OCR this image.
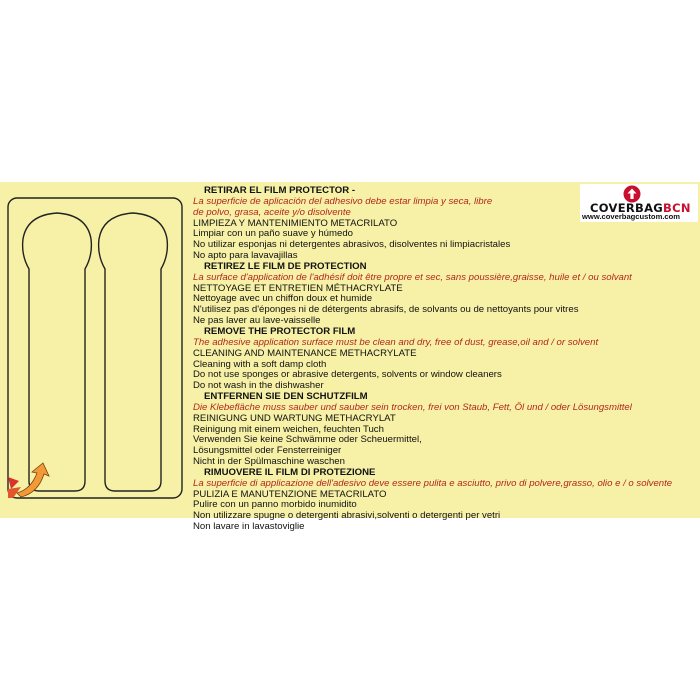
RETIRAR EL FILM PROTECTOR -
La superficie de aplicación del adhesivo debe estar limpia y seca, libre de polvo, grasa, aceite y/o disolvente
LIMPIEZA Y MANTENIMIENTO METACRILATO
Limpiar con un paño suave y húmedo
No utilizar esponjas ni detergentes abrasivos, disolventes ni limpiacristales
No apto para lavavajillas
RETIREZ LE FILM DE PROTECTION
La surface d'application de l'adhésif doit être propre et sec, sans poussière,graisse, huile et / ou solvant
NETTOYAGE ET ENTRETIEN MÉTHACRYLATE
Nettoyage avec un chiffon doux et humide
N'utilisez pas d'éponges ni de détergents abrasifs, de solvants ou de nettoyants pour vitres
Ne pas laver au lave-vaisselle
REMOVE THE PROTECTOR FILM
The adhesive application surface must be clean and dry, free of dust, grease,oil and / or solvent
CLEANING AND MAINTENANCE METHACRYLATE
Cleaning with a soft damp cloth
Do not use sponges or abrasive detergents, solvents or window cleaners
Do not wash in the dishwasher
ENTFERNEN SIE DEN SCHUTZFILM
Die Klebefläche muss sauber und sauber sein trocken, frei von Staub, Fett, Öl und / oder Lösungsmittel
REINIGUNG UND WARTUNG METHACRYLAT
Reinigung mit einem weichen, feuchten Tuch
Verwenden Sie keine Schwämme oder Scheuermittel,
Lösungsmittel oder Fensterreiniger
Nicht in der Spülmaschine waschen
RIMUOVERE IL FILM DI PROTEZIONE
La superficie di applicazione dell'adesivo deve essere pulita e asciutto, privo di polvere,grasso, olio e / o solvente
PULIZIA E MANUTENZIONE METACRILATO
Pulire con un panno morbido inumidito
Non utilizzare spugne o detergenti abrasivi,solventi o detergenti per vetri
Non lavare in lavastoviglie
COVERBAGBCN
www.coverbagcustom.com
